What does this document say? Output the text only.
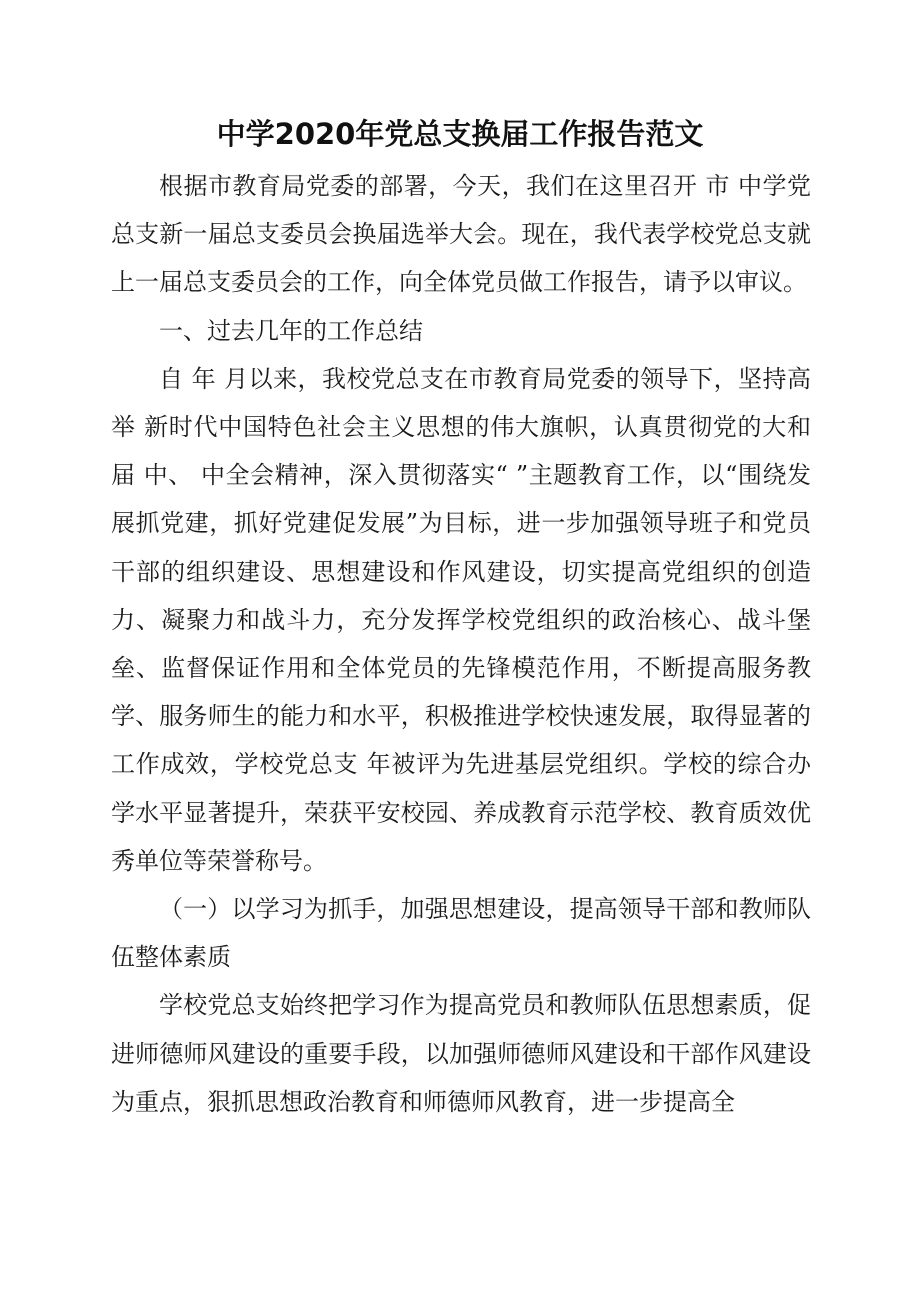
中学2020年党总支换届工作报告范文

根据市教育局党委的部署，今天，我们在这里召开 市 中学党总支新一届总支委员会换届选举大会。现在，我代表学校党总支就上一届总支委员会的工作，向全体党员做工作报告，请予以审议。

一、过去几年的工作总结

自 年 月以来，我校党总支在市教育局党委的领导下，坚持高举 新时代中国特色社会主义思想的伟大旗帜，认真贯彻党的大和 届 中、 中全会精神，深入贯彻落实“ ”主题教育工作，以“围绕发展抓党建，抓好党建促发展”为目标，进一步加强领导班子和党员干部的组织建设、思想建设和作风建设，切实提高党组织的创造力、凝聚力和战斗力，充分发挥学校党组织的政治核心、战斗堡垒、监督保证作用和全体党员的先锋模范作用，不断提高服务教学、服务师生的能力和水平，积极推进学校快速发展，取得显著的工作成效，学校党总支 年被评为先进基层党组织。学校的综合办学水平显著提升，荣获平安校园、养成教育示范学校、教育质效优秀单位等荣誉称号。

（一）以学习为抓手，加强思想建设，提高领导干部和教师队伍整体素质

学校党总支始终把学习作为提高党员和教师队伍思想素质，促进师德师风建设的重要手段，以加强师德师风建设和干部作风建设为重点，狠抓思想政治教育和师德师风教育，进一步提高全
